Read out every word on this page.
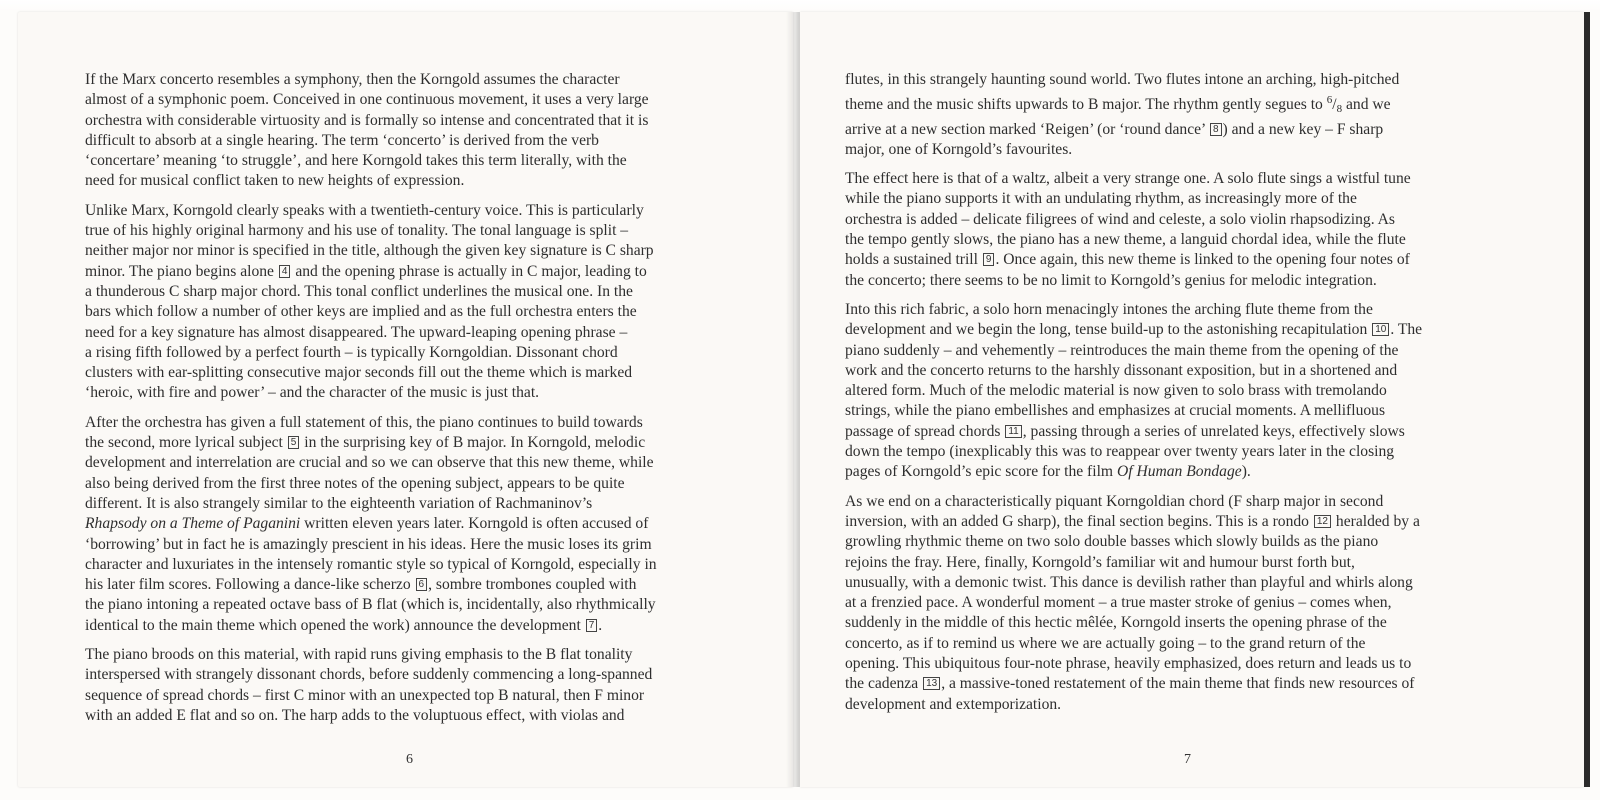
If the Marx concerto resembles a symphony, then the Korngold assumes the character
almost of a symphonic poem. Conceived in one continuous movement, it uses a very large
orchestra with considerable virtuosity and is formally so intense and concentrated that it is
difficult to absorb at a single hearing. The term ‘concerto’ is derived from the verb
‘concertare’ meaning ‘to struggle’, and here Korngold takes this term literally, with the
need for musical conflict taken to new heights of expression.

Unlike Marx, Korngold clearly speaks with a twentieth-century voice. This is particularly
true of his highly original harmony and his use of tonality. The tonal language is split –
neither major nor minor is specified in the title, although the given key signature is C sharp
minor. The piano begins alone 4 and the opening phrase is actually in C major, leading to
a thunderous C sharp major chord. This tonal conflict underlines the musical one. In the
bars which follow a number of other keys are implied and as the full orchestra enters the
need for a key signature has almost disappeared. The upward-leaping opening phrase –
a rising fifth followed by a perfect fourth – is typically Korngoldian. Dissonant chord
clusters with ear-splitting consecutive major seconds fill out the theme which is marked
‘heroic, with fire and power’ – and the character of the music is just that.

After the orchestra has given a full statement of this, the piano continues to build towards
the second, more lyrical subject 5 in the surprising key of B major. In Korngold, melodic
development and interrelation are crucial and so we can observe that this new theme, while
also being derived from the first three notes of the opening subject, appears to be quite
different. It is also strangely similar to the eighteenth variation of Rachmaninov’s
Rhapsody on a Theme of Paganini written eleven years later. Korngold is often accused of
‘borrowing’ but in fact he is amazingly prescient in his ideas. Here the music loses its grim
character and luxuriates in the intensely romantic style so typical of Korngold, especially in
his later film scores. Following a dance-like scherzo 6 , sombre trombones coupled with
the piano intoning a repeated octave bass of B flat (which is, incidentally, also rhythmically
identical to the main theme which opened the work) announce the development 7 .

The piano broods on this material, with rapid runs giving emphasis to the B flat tonality
interspersed with strangely dissonant chords, before suddenly commencing a long-spanned
sequence of spread chords – first C minor with an unexpected top B natural, then F minor
with an added E flat and so on. The harp adds to the voluptuous effect, with violas and

6

flutes, in this strangely haunting sound world. Two flutes intone an arching, high-pitched
theme and the music shifts upwards to B major. The rhythm gently segues to $^6/_8$ and we
arrive at a new section marked ‘Reigen’ (or ‘round dance’ 8 ) and a new key – F sharp
major, one of Korngold’s favourites.

The effect here is that of a waltz, albeit a very strange one. A solo flute sings a wistful tune
while the piano supports it with an undulating rhythm, as increasingly more of the
orchestra is added – delicate filigrees of wind and celeste, a solo violin rhapsodizing. As
the tempo gently slows, the piano has a new theme, a languid chordal idea, while the flute
holds a sustained trill 9 . Once again, this new theme is linked to the opening four notes of
the concerto; there seems to be no limit to Korngold’s genius for melodic integration.

Into this rich fabric, a solo horn menacingly intones the arching flute theme from the
development and we begin the long, tense build-up to the astonishing recapitulation 10 . The
piano suddenly – and vehemently – reintroduces the main theme from the opening of the
work and the concerto returns to the harshly dissonant exposition, but in a shortened and
altered form. Much of the melodic material is now given to solo brass with tremolando
strings, while the piano embellishes and emphasizes at crucial moments. A mellifluous
passage of spread chords 11 , passing through a series of unrelated keys, effectively slows
down the tempo (inexplicably this was to reappear over twenty years later in the closing
pages of Korngold’s epic score for the film Of Human Bondage).

As we end on a characteristically piquant Korngoldian chord (F sharp major in second
inversion, with an added G sharp), the final section begins. This is a rondo 12 heralded by a
growling rhythmic theme on two solo double basses which slowly builds as the piano
rejoins the fray. Here, finally, Korngold’s familiar wit and humour burst forth but,
unusually, with a demonic twist. This dance is devilish rather than playful and whirls along
at a frenzied pace. A wonderful moment – a true master stroke of genius – comes when,
suddenly in the middle of this hectic mêlée, Korngold inserts the opening phrase of the
concerto, as if to remind us where we are actually going – to the grand return of the
opening. This ubiquitous four-note phrase, heavily emphasized, does return and leads us to
the cadenza 13 , a massive-toned restatement of the main theme that finds new resources of
development and extemporization.

7
